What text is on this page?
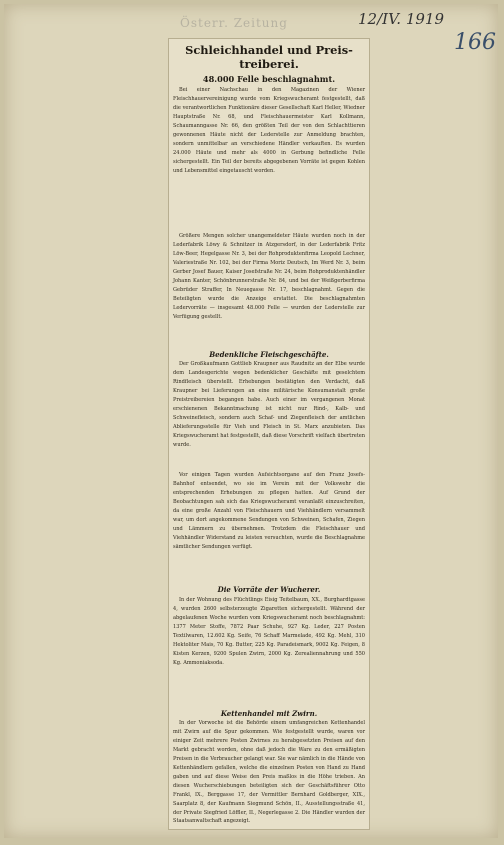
Österr. Zeitung	12/IV. 1919
166
Schleichhandel und Preis-
treiberei.
48.000 Felle beschlagnahmt.
Bei einer Nachschau in den Magazinen der Wiener Fleischhauervereinigung wurde vom Kriegswucheramt festgestellt, daß die verantwortlichen Funktionäre dieser Gesellschaft Karl Heller, Wiedner Hauptstraße Nr. 68, und Fleischhauermeister Karl Kollmann, Schaumanngasse Nr. 66, den größten Teil der von den Schlachttieren gewonnenen Häute nicht der Lederstelle zur Anmeldung brachten, sondern unmittelbar an verschiedene Händler verkauften. Es wurden 24.000 Häute und mehr als 4000 in Gerbung befindliche Felle sichergestellt. Ein Teil der bereits abgegebenen Vorräte ist gegen Kohlen und Lebensmittel eingetauscht worden.
Größere Mengen solcher unangemeldeter Häute wurden noch in der Lederfabrik Löwy & Schnitzer in Atzgersdorf, in der Lederfabrik Fritz Löw-Beer, Hegelgasse Nr. 3, bei der Rohproduktenfirma Leopold Lechner, Valeriestraße Nr. 102, bei der Firma Moriz Deutsch, Im Werd Nr. 3, beim Gerber Josef Bauer, Kaiser Josefstraße Nr. 24, beim Rohproduktenhändler Johann Kanter, Schönbrunnerstraße Nr. 84, und bei der Weißgerberfirma Gebrüder Straffer, In Neuegasse Nr. 17, beschlagnahmt. Gegen die Beteiligten wurde die Anzeige erstattet. Die beschlagnahmten Ledervorräte — insgesamt 48.000 Felle — wurden der Lederstelle zur Verfügung gestellt.
Bedenkliche Fleischgeschäfte.
Der Großkaufmann Gottlieb Kraupner aus Raudnitz an der Elbe wurde dem Landesgerichte wegen bedenklicher Geschäfte mit geselchtem Rindfleisch überstellt. Erhebungen bestätigten den Verdacht, daß Kraupner bei Lieferungen an eine militärische Konsumanstalt große Preistreibereien begangen habe. Auch einer im vergangenen Monat erschienenen Bekanntmachung ist nicht nur Rind-, Kalb- und Schweinefleisch, sondern auch Schaf- und Ziegenfleisch der amtlichen Ablieferungsstelle für Vieh und Fleisch in St. Marx anzubieten. Das Kriegswucheramt hat festgestellt, daß diese Vorschrift vielfach übertreten wurde.
Vor einigen Tagen wurden Aufsichtsorgane auf den Franz Josefs-Bahnhof entsendet, wo sie im Verein mit der Volkswehr die entsprechenden Erhebungen zu pflegen hatten. Auf Grund der Beobachtungen sah sich das Kriegswucheramt veranlaßt einzuschreiten, da eine große Anzahl von Fleischhauern und Viehhändlern versammelt war, um dort angekommene Sendungen von Schweinen, Schafen, Ziegen und Lämmern zu übernehmen. Trotzdem die Fleischhauer und Viehhändler Widerstand zu leisten versuchten, wurde die Beschlagnahme sämtlicher Sendungen verfügt.
Die Vorräte der Wucherer.
In der Wohnung des Flüchtlings Eisig Teitelbaum, XX., Burghardtgasse 4, wurden 2600 selbsterzeugte Zigaretten sichergestellt. Während der abgelaufenen Woche wurden vom Kriegswucheramt noch beschlagnahmt: 1377 Meter Stoffe, 7872 Paar Schuhe, 927 Kg. Leder, 227 Posten Textilwaren, 12.602 Kg. Seife, 76 Schaff Marmelade, 492 Kg. Mehl, 310 Hektoliter Mais, 70 Kg. Butter, 225 Kg. Paradeismark, 9002 Kg. Feigen, 8 Kisten Kerzen, 9200 Spulen Zwirn, 2000 Kg. Zerealiennahrung und 550 Kg. Ammoniaksoda.
Kettenhandel mit Zwirn.
In der Vorwoche ist die Behörde einem umfangreichen Kettenhandel mit Zwirn auf die Spur gekommen. Wie festgestellt wurde, waren vor einiger Zeit mehrere Posten Zwirnes zu herabgesetzten Preisen auf den Markt gebracht worden, ohne daß jedoch die Ware zu den ermäßigten Preisen in die Verbraucher gelangt war. Sie war nämlich in die Hände von Kettenhändlern gefallen, welche die einzelnen Posten von Hand zu Hand gaben und auf diese Weise den Preis maßlos in die Höhe trieben. An diesen Wucherschiebungen beteiligten sich der Geschäftsführer Otto Frankl, IX., Berggasse 17, der Vermittler Bernhard Goldberger, XIX., Saarplatz 8, der Kaufmann Siegmund Schön, II., Ausstellungsstraße 41, der Private Siegfried Löffler, II., Negerlegasse 2. Die Händler wurden der Staatsanwaltschaft angezeigt.
